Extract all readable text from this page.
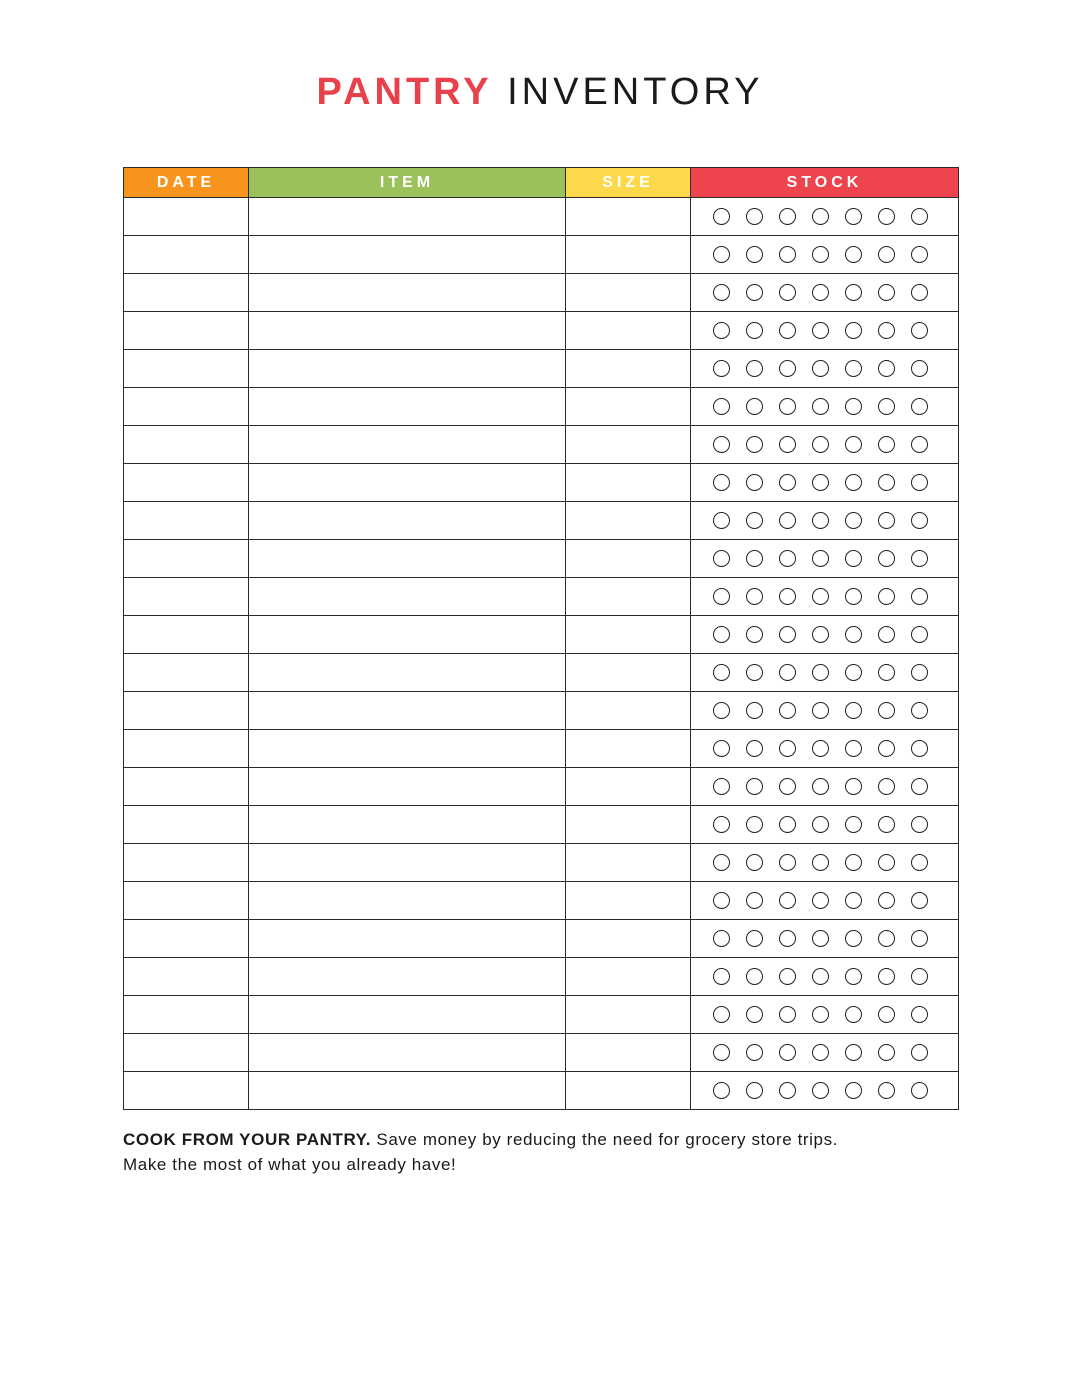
PANTRY INVENTORY
DATE	ITEM	SIZE	STOCK

COOK FROM YOUR PANTRY. Save money by reducing the need for grocery store trips.
Make the most of what you already have!
